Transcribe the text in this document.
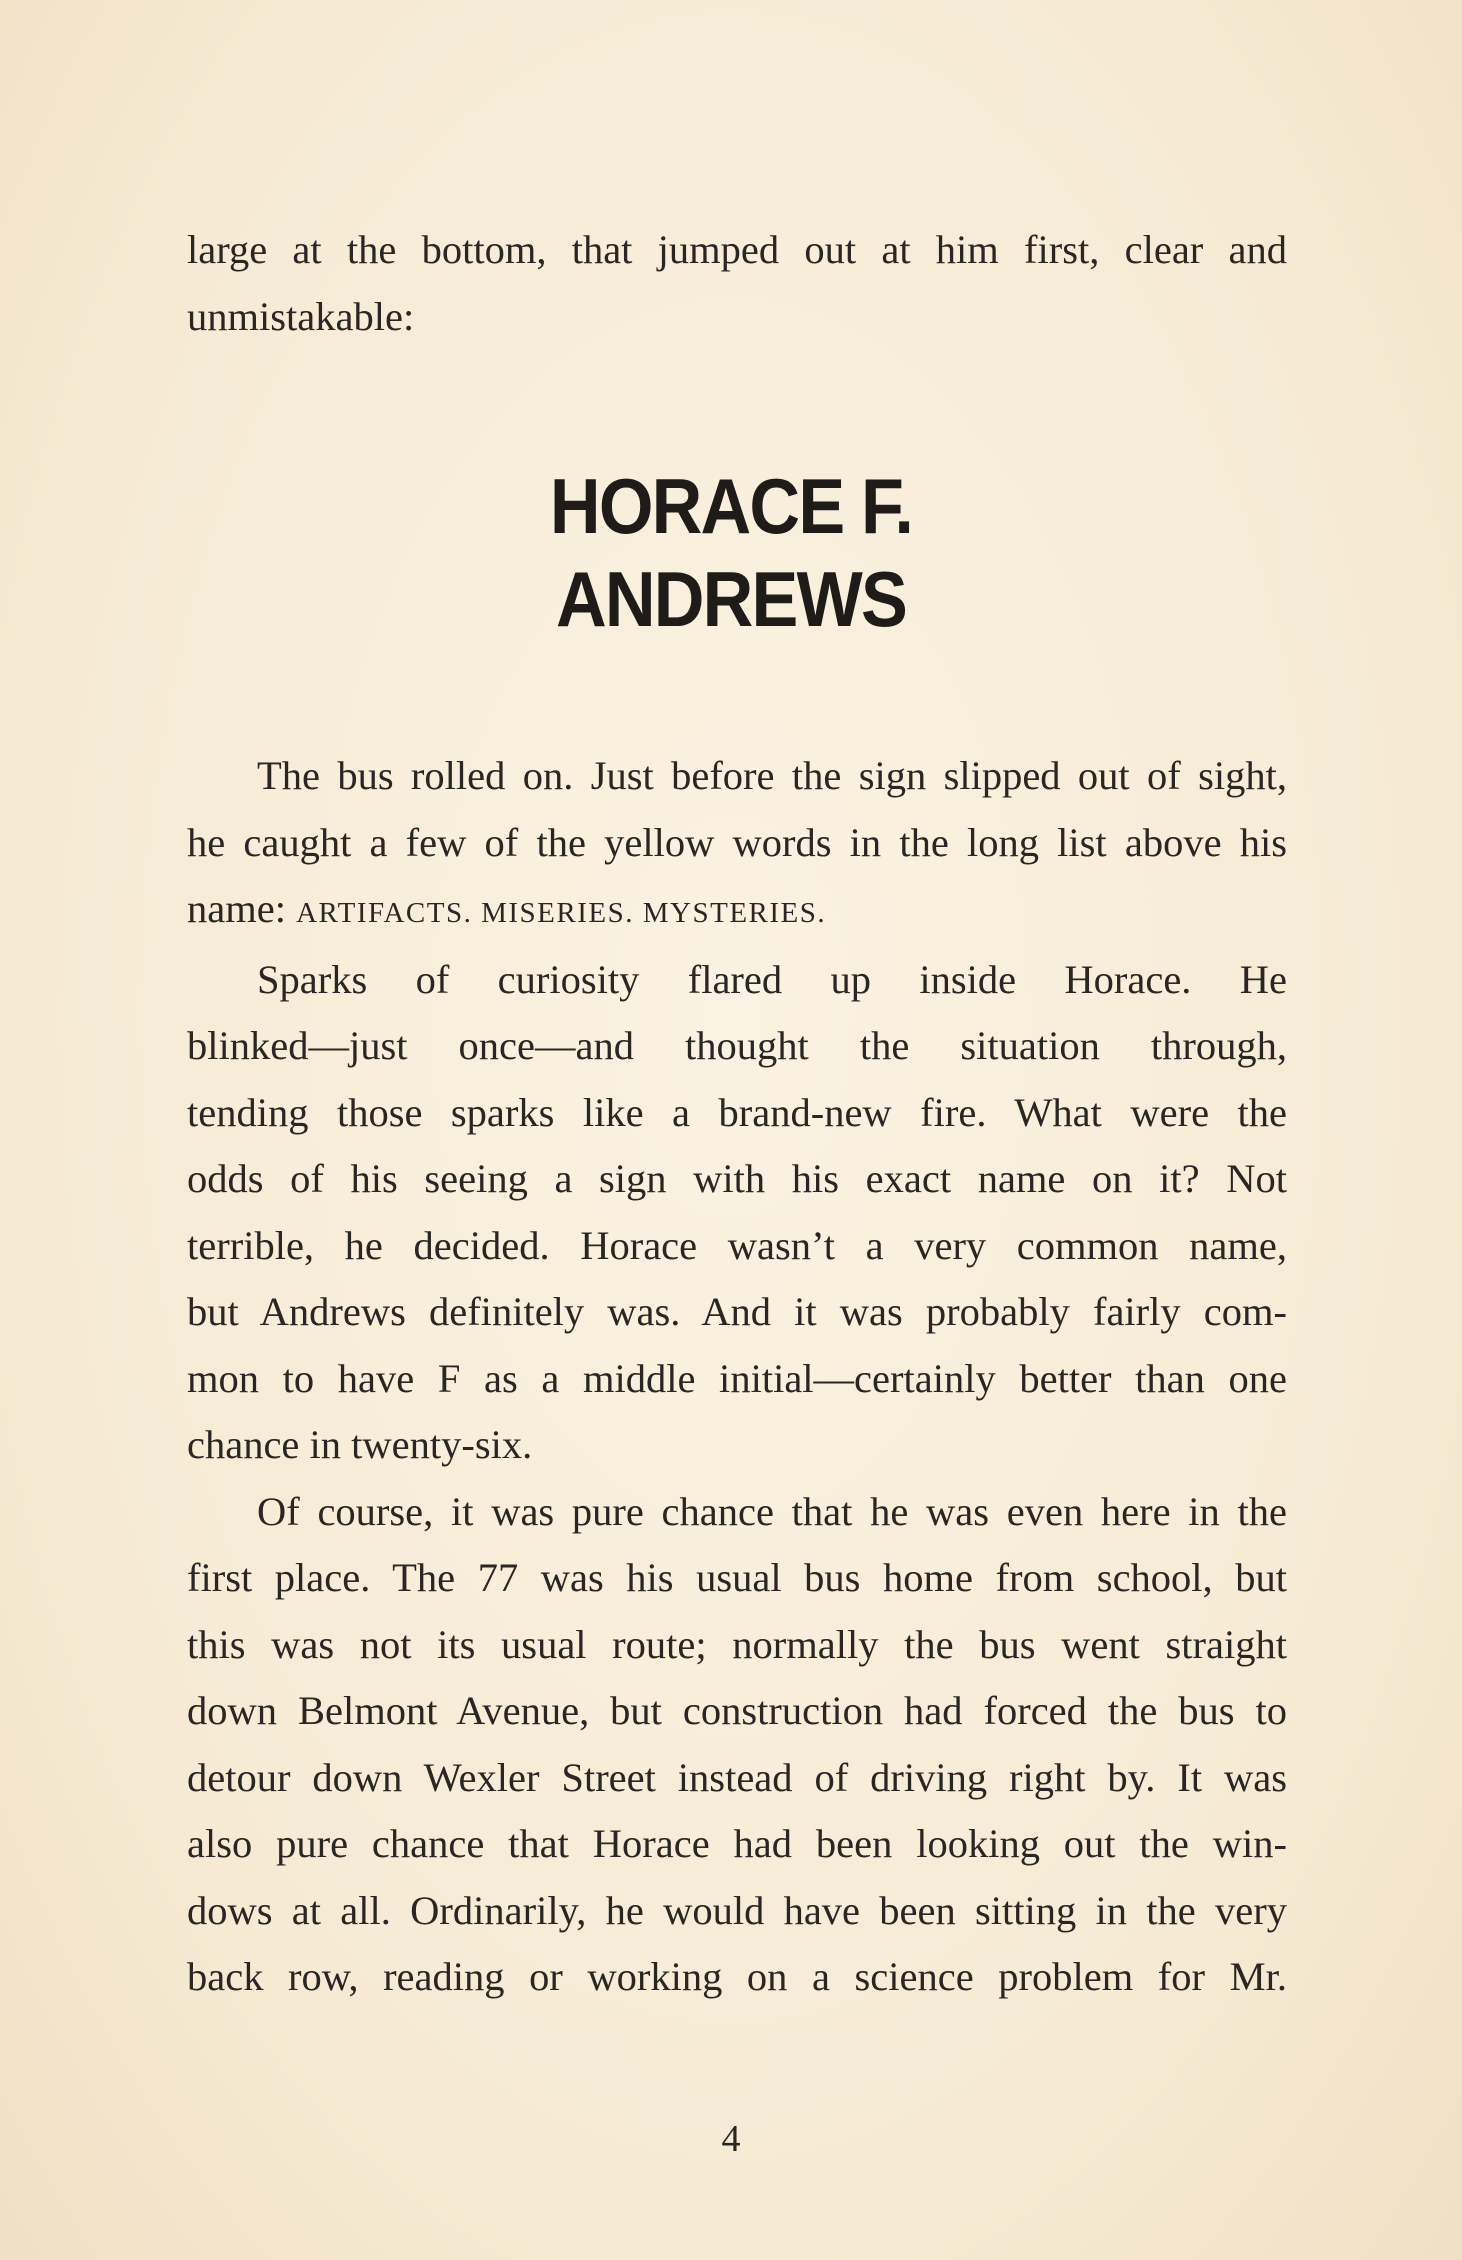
large at the bottom, that jumped out at him first, clear and
unmistakable:
HORACE F.
ANDREWS
The bus rolled on. Just before the sign slipped out of sight,
he caught a few of the yellow words in the long list above his
name: ARTIFACTS. MISERIES. MYSTERIES.
Sparks of curiosity flared up inside Horace. He
blinked—just once—and thought the situation through,
tending those sparks like a brand-new fire. What were the
odds of his seeing a sign with his exact name on it? Not
terrible, he decided. Horace wasn’t a very common name,
but Andrews definitely was. And it was probably fairly com-
mon to have F as a middle initial—certainly better than one
chance in twenty-six.
Of course, it was pure chance that he was even here in the
first place. The 77 was his usual bus home from school, but
this was not its usual route; normally the bus went straight
down Belmont Avenue, but construction had forced the bus to
detour down Wexler Street instead of driving right by. It was
also pure chance that Horace had been looking out the win-
dows at all. Ordinarily, he would have been sitting in the very
back row, reading or working on a science problem for Mr.
4
